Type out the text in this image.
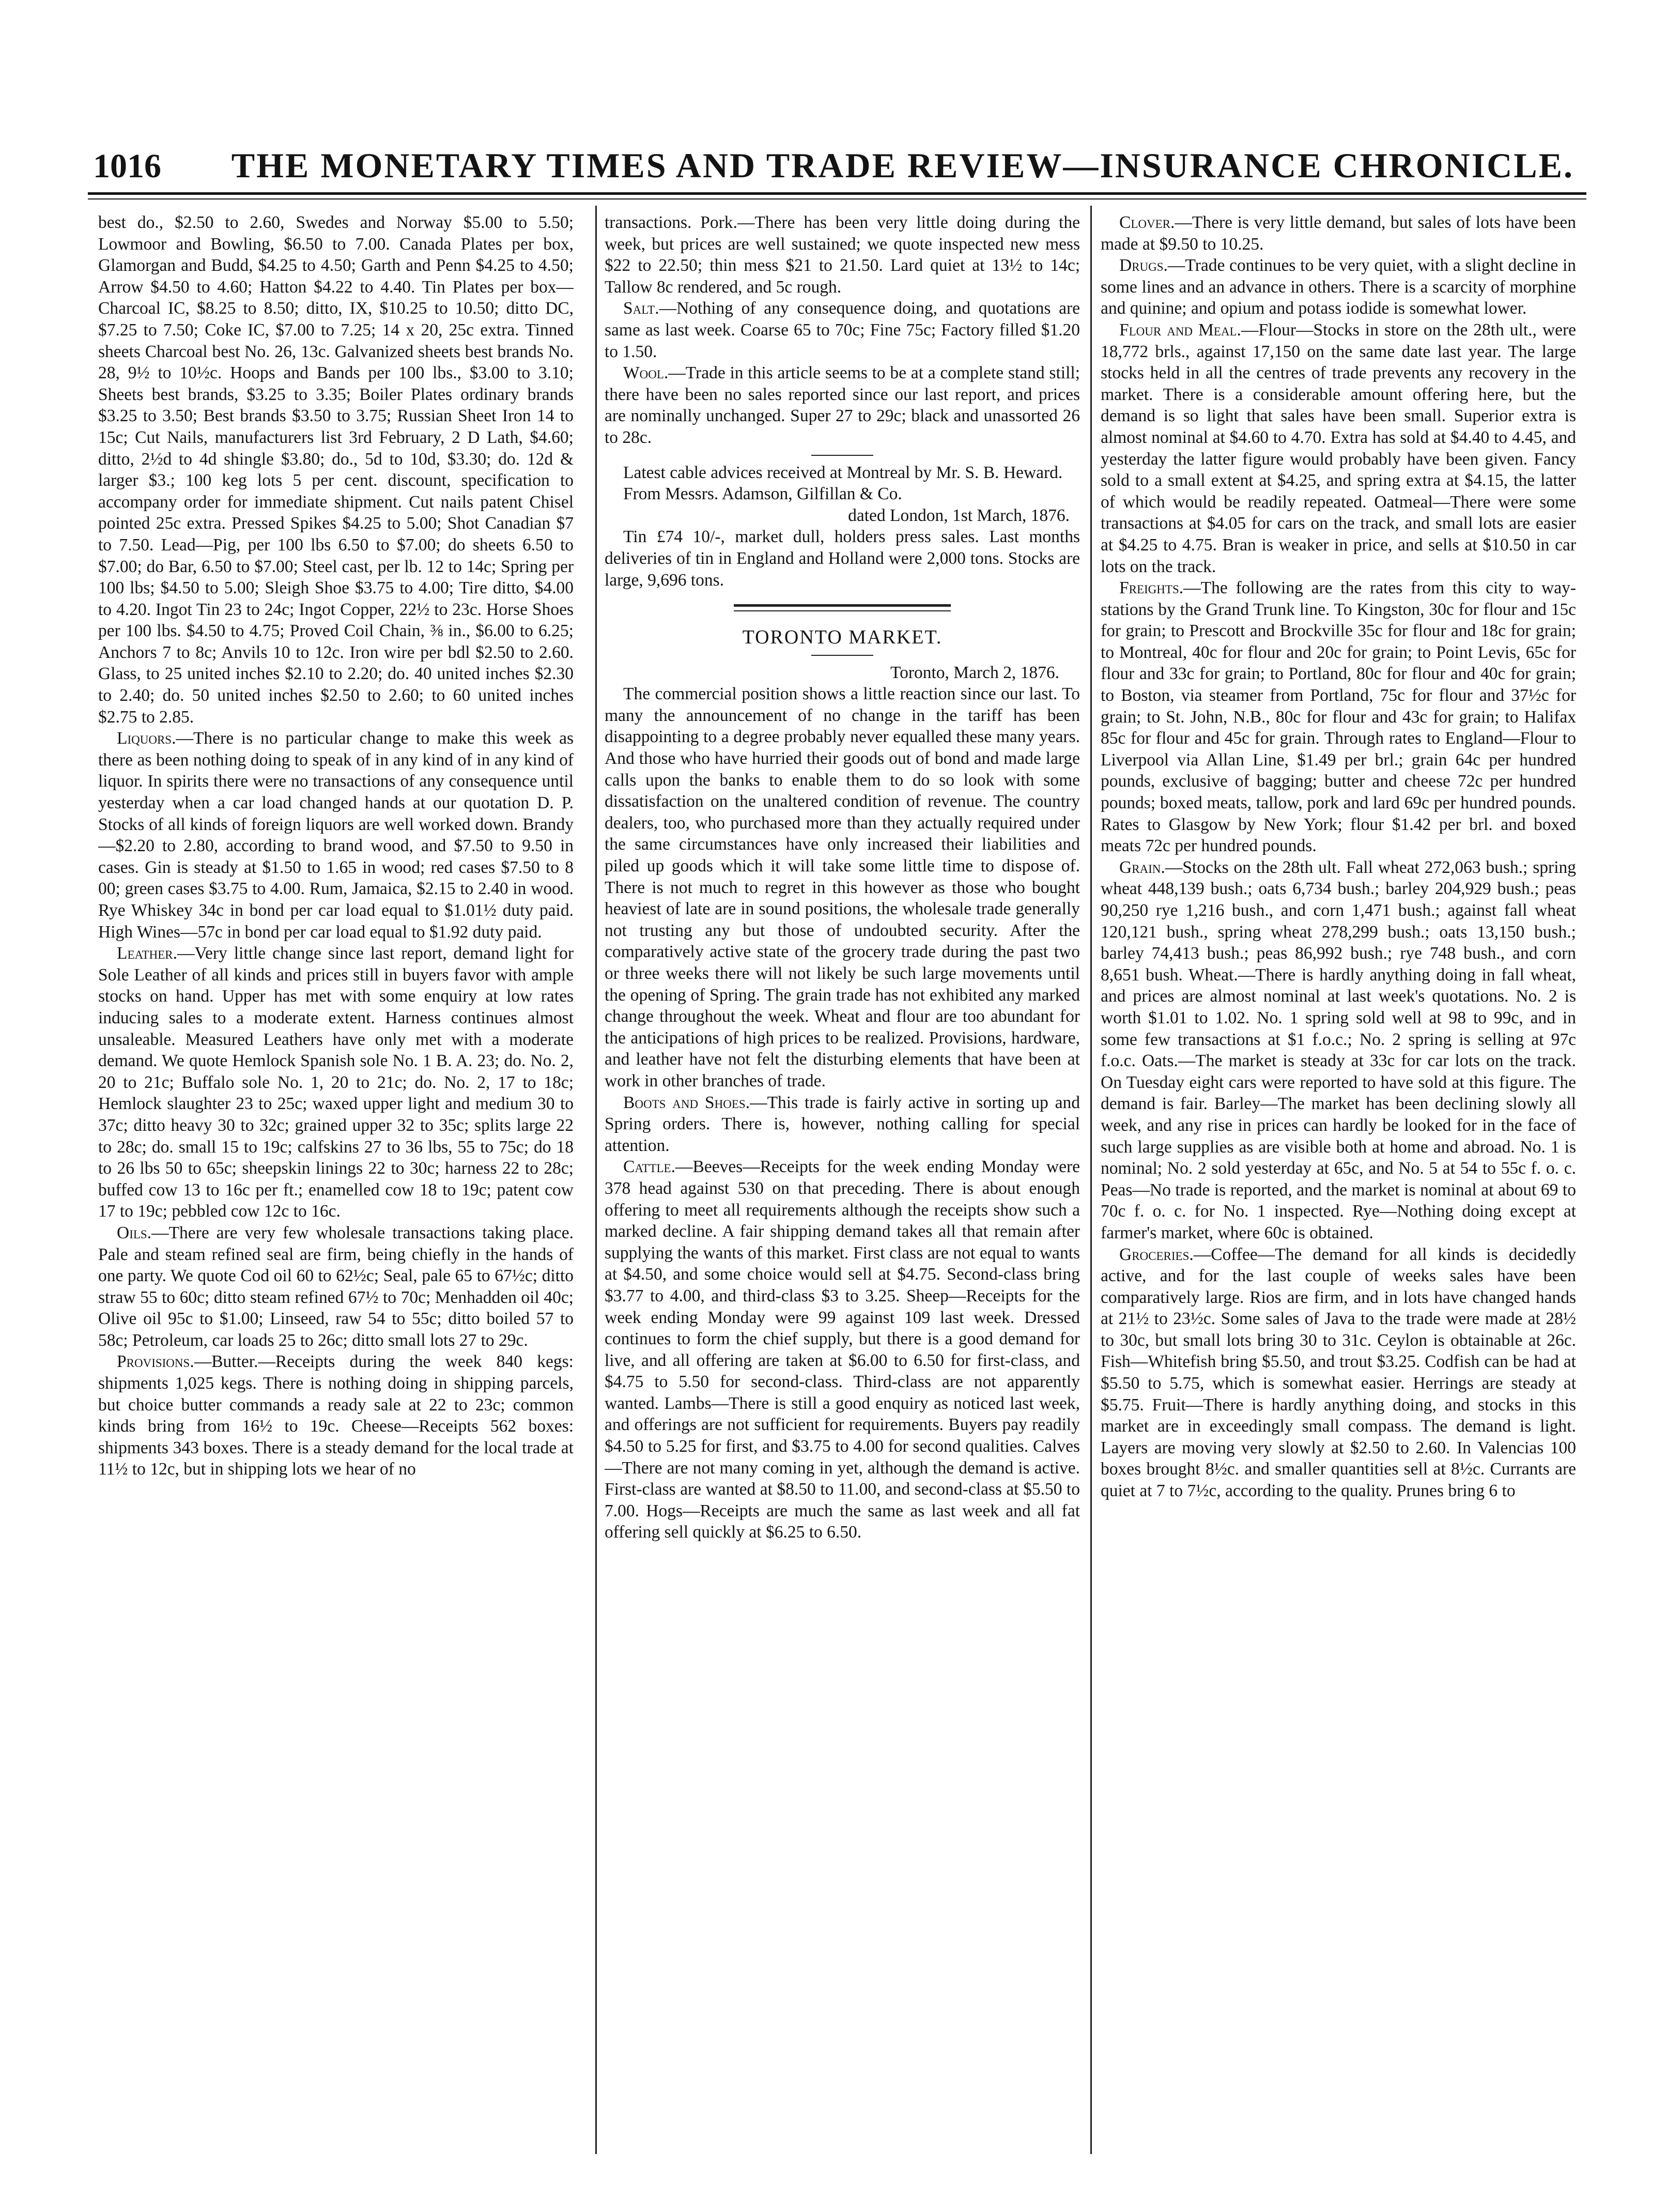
1016	THE MONETARY TIMES AND TRADE REVIEW—INSURANCE CHRONICLE.

best do., $2.50 to 2.60, Swedes and Norway $5.00 to 5.50; Lowmoor and Bowling, $6.50 to 7.00. Canada Plates per box, Glamorgan and Budd, $4.25 to 4.50; Garth and Penn $4.25 to 4.50; Arrow $4.50 to 4.60; Hatton $4.22 to 4.40. Tin Plates per box—Charcoal IC, $8.25 to 8.50; ditto, IX, $10.25 to 10.50; ditto DC, $7.25 to 7.50; Coke IC, $7.00 to 7.25; 14 x 20, 25c extra. Tinned sheets Charcoal best No. 26, 13c. Galvanized sheets best brands No. 28, 9½ to 10½c. Hoops and Bands per 100 lbs., $3.00 to 3.10; Sheets best brands, $3.25 to 3.35; Boiler Plates ordinary brands $3.25 to 3.50; Best brands $3.50 to 3.75; Russian Sheet Iron 14 to 15c; Cut Nails, manufacturers list 3rd February, 2 D Lath, $4.60; ditto, 2½d to 4d shingle $3.80; do., 5d to 10d, $3.30; do. 12d & larger $3.; 100 keg lots 5 per cent. discount, specification to accompany order for immediate shipment. Cut nails patent Chisel pointed 25c extra. Pressed Spikes $4.25 to 5.00; Shot Canadian $7 to 7.50. Lead—Pig, per 100 lbs 6.50 to $7.00; do sheets 6.50 to $7.00; do Bar, 6.50 to $7.00; Steel cast, per lb. 12 to 14c; Spring per 100 lbs; $4.50 to 5.00; Sleigh Shoe $3.75 to 4.00; Tire ditto, $4.00 to 4.20. Ingot Tin 23 to 24c; Ingot Copper, 22½ to 23c. Horse Shoes per 100 lbs. $4.50 to 4.75; Proved Coil Chain, ⅜ in., $6.00 to 6.25; Anchors 7 to 8c; Anvils 10 to 12c. Iron wire per bdl $2.50 to 2.60. Glass, to 25 united inches $2.10 to 2.20; do. 40 united inches $2.30 to 2.40; do. 50 united inches $2.50 to 2.60; to 60 united inches $2.75 to 2.85.

Liquors.—There is no particular change to make this week as there as been nothing doing to speak of in any kind of in any kind of liquor. In spirits there were no transactions of any consequence until yesterday when a car load changed hands at our quotation D. P. Stocks of all kinds of foreign liquors are well worked down. Brandy—$2.20 to 2.80, according to brand wood, and $7.50 to 9.50 in cases. Gin is steady at $1.50 to 1.65 in wood; red cases $7.50 to 8 00; green cases $3.75 to 4.00. Rum, Jamaica, $2.15 to 2.40 in wood. Rye Whiskey 34c in bond per car load equal to $1.01½ duty paid. High Wines—57c in bond per car load equal to $1.92 duty paid.

Leather.—Very little change since last report, demand light for Sole Leather of all kinds and prices still in buyers favor with ample stocks on hand. Upper has met with some enquiry at low rates inducing sales to a moderate extent. Harness continues almost unsaleable. Measured Leathers have only met with a moderate demand. We quote Hemlock Spanish sole No. 1 B. A. 23; do. No. 2, 20 to 21c; Buffalo sole No. 1, 20 to 21c; do. No. 2, 17 to 18c; Hemlock slaughter 23 to 25c; waxed upper light and medium 30 to 37c; ditto heavy 30 to 32c; grained upper 32 to 35c; splits large 22 to 28c; do. small 15 to 19c; calfskins 27 to 36 lbs, 55 to 75c; do 18 to 26 lbs 50 to 65c; sheepskin linings 22 to 30c; harness 22 to 28c; buffed cow 13 to 16c per ft.; enamelled cow 18 to 19c; patent cow 17 to 19c; pebbled cow 12c to 16c.

Oils.—There are very few wholesale transactions taking place. Pale and steam refined seal are firm, being chiefly in the hands of one party. We quote Cod oil 60 to 62½c; Seal, pale 65 to 67½c; ditto straw 55 to 60c; ditto steam refined 67½ to 70c; Menhadden oil 40c; Olive oil 95c to $1.00; Linseed, raw 54 to 55c; ditto boiled 57 to 58c; Petroleum, car loads 25 to 26c; ditto small lots 27 to 29c.

Provisions.—Butter.—Receipts during the week 840 kegs: shipments 1,025 kegs. There is nothing doing in shipping parcels, but choice butter commands a ready sale at 22 to 23c; common kinds bring from 16½ to 19c. Cheese—Receipts 562 boxes: shipments 343 boxes. There is a steady demand for the local trade at 11½ to 12c, but in shipping lots we hear of no

transactions. Pork.—There has been very little doing during the week, but prices are well sustained; we quote inspected new mess $22 to 22.50; thin mess $21 to 21.50. Lard quiet at 13½ to 14c; Tallow 8c rendered, and 5c rough.

Salt.—Nothing of any consequence doing, and quotations are same as last week. Coarse 65 to 70c; Fine 75c; Factory filled $1.20 to 1.50.

Wool.—Trade in this article seems to be at a complete stand still; there have been no sales reported since our last report, and prices are nominally unchanged. Super 27 to 29c; black and unassorted 26 to 28c.

Latest cable advices received at Montreal by Mr. S. B. Heward.

From Messrs. Adamson, Gilfillan & Co.

dated London, 1st March, 1876.

Tin £74 10/-, market dull, holders press sales. Last months deliveries of tin in England and Holland were 2,000 tons. Stocks are large, 9,696 tons.

TORONTO MARKET.
Toronto, March 2, 1876.

The commercial position shows a little reaction since our last. To many the announcement of no change in the tariff has been disappointing to a degree probably never equalled these many years. And those who have hurried their goods out of bond and made large calls upon the banks to enable them to do so look with some dissatisfaction on the unaltered condition of revenue. The country dealers, too, who purchased more than they actually required under the same circumstances have only increased their liabilities and piled up goods which it will take some little time to dispose of. There is not much to regret in this however as those who bought heaviest of late are in sound positions, the wholesale trade generally not trusting any but those of undoubted security. After the comparatively active state of the grocery trade during the past two or three weeks there will not likely be such large movements until the opening of Spring. The grain trade has not exhibited any marked change throughout the week. Wheat and flour are too abundant for the anticipations of high prices to be realized. Provisions, hardware, and leather have not felt the disturbing elements that have been at work in other branches of trade.

Boots and Shoes.—This trade is fairly active in sorting up and Spring orders. There is, however, nothing calling for special attention.

Cattle.—Beeves—Receipts for the week ending Monday were 378 head against 530 on that preceding. There is about enough offering to meet all requirements although the receipts show such a marked decline. A fair shipping demand takes all that remain after supplying the wants of this market. First class are not equal to wants at $4.50, and some choice would sell at $4.75. Second-class bring $3.77 to 4.00, and third-class $3 to 3.25. Sheep—Receipts for the week ending Monday were 99 against 109 last week. Dressed continues to form the chief supply, but there is a good demand for live, and all offering are taken at $6.00 to 6.50 for first-class, and $4.75 to 5.50 for second-class. Third-class are not apparently wanted. Lambs—There is still a good enquiry as noticed last week, and offerings are not sufficient for requirements. Buyers pay readily $4.50 to 5.25 for first, and $3.75 to 4.00 for second qualities. Calves—There are not many coming in yet, although the demand is active. First-class are wanted at $8.50 to 11.00, and second-class at $5.50 to 7.00. Hogs—Receipts are much the same as last week and all fat offering sell quickly at $6.25 to 6.50.

Clover.—There is very little demand, but sales of lots have been made at $9.50 to 10.25.

Drugs.—Trade continues to be very quiet, with a slight decline in some lines and an advance in others. There is a scarcity of morphine and quinine; and opium and potass iodide is somewhat lower.

Flour and Meal.—Flour—Stocks in store on the 28th ult., were 18,772 brls., against 17,150 on the same date last year. The large stocks held in all the centres of trade prevents any recovery in the market. There is a considerable amount offering here, but the demand is so light that sales have been small. Superior extra is almost nominal at $4.60 to 4.70. Extra has sold at $4.40 to 4.45, and yesterday the latter figure would probably have been given. Fancy sold to a small extent at $4.25, and spring extra at $4.15, the latter of which would be readily repeated. Oatmeal—There were some transactions at $4.05 for cars on the track, and small lots are easier at $4.25 to 4.75. Bran is weaker in price, and sells at $10.50 in car lots on the track.

Freights.—The following are the rates from this city to way-stations by the Grand Trunk line. To Kingston, 30c for flour and 15c for grain; to Prescott and Brockville 35c for flour and 18c for grain; to Montreal, 40c for flour and 20c for grain; to Point Levis, 65c for flour and 33c for grain; to Portland, 80c for flour and 40c for grain; to Boston, via steamer from Portland, 75c for flour and 37½c for grain; to St. John, N.B., 80c for flour and 43c for grain; to Halifax 85c for flour and 45c for grain. Through rates to England—Flour to Liverpool via Allan Line, $1.49 per brl.; grain 64c per hundred pounds, exclusive of bagging; butter and cheese 72c per hundred pounds; boxed meats, tallow, pork and lard 69c per hundred pounds. Rates to Glasgow by New York; flour $1.42 per brl. and boxed meats 72c per hundred pounds.

Grain.—Stocks on the 28th ult. Fall wheat 272,063 bush.; spring wheat 448,139 bush.; oats 6,734 bush.; barley 204,929 bush.; peas 90,250 rye 1,216 bush., and corn 1,471 bush.; against fall wheat 120,121 bush., spring wheat 278,299 bush.; oats 13,150 bush.; barley 74,413 bush.; peas 86,992 bush.; rye 748 bush., and corn 8,651 bush. Wheat.—There is hardly anything doing in fall wheat, and prices are almost nominal at last week's quotations. No. 2 is worth $1.01 to 1.02. No. 1 spring sold well at 98 to 99c, and in some few transactions at $1 f.o.c.; No. 2 spring is selling at 97c f.o.c. Oats.—The market is steady at 33c for car lots on the track. On Tuesday eight cars were reported to have sold at this figure. The demand is fair. Barley—The market has been declining slowly all week, and any rise in prices can hardly be looked for in the face of such large supplies as are visible both at home and abroad. No. 1 is nominal; No. 2 sold yesterday at 65c, and No. 5 at 54 to 55c f. o. c. Peas—No trade is reported, and the market is nominal at about 69 to 70c f. o. c. for No. 1 inspected. Rye—Nothing doing except at farmer's market, where 60c is obtained.

Groceries.—Coffee—The demand for all kinds is decidedly active, and for the last couple of weeks sales have been comparatively large. Rios are firm, and in lots have changed hands at 21½ to 23½c. Some sales of Java to the trade were made at 28½ to 30c, but small lots bring 30 to 31c. Ceylon is obtainable at 26c. Fish—Whitefish bring $5.50, and trout $3.25. Codfish can be had at $5.50 to 5.75, which is somewhat easier. Herrings are steady at $5.75. Fruit—There is hardly anything doing, and stocks in this market are in exceedingly small compass. The demand is light. Layers are moving very slowly at $2.50 to 2.60. In Valencias 100 boxes brought 8½c. and smaller quantities sell at 8½c. Currants are quiet at 7 to 7½c, according to the quality. Prunes bring 6 to
